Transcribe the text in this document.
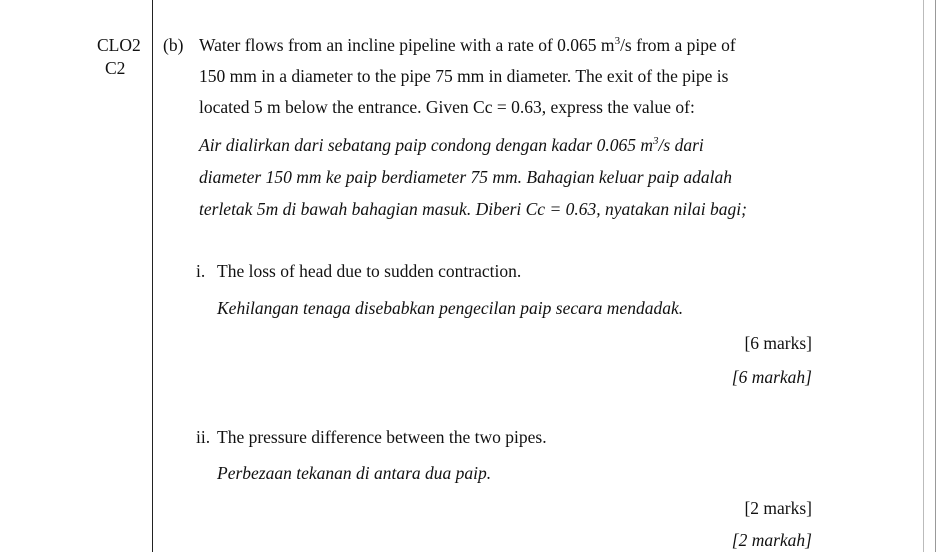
CLO2
C2
(b) Water flows from an incline pipeline with a rate of 0.065 $m^3/s$ from a pipe of
150 mm in a diameter to the pipe 75 mm in diameter. The exit of the pipe is
located 5 m below the entrance. Given Cc = 0.63, express the value of:
Air dialirkan dari sebatang paip condong dengan kadar 0.065 $m^3/s$ dari
diameter 150 mm ke paip berdiameter 75 mm. Bahagian keluar paip adalah
terletak 5m di bawah bahagian masuk. Diberi Cc = 0.63, nyatakan nilai bagi;
i. The loss of head due to sudden contraction.
Kehilangan tenaga disebabkan pengecilan paip secara mendadak.
[6 marks]
[6 markah]
ii. The pressure difference between the two pipes.
Perbezaan tekanan di antara dua paip.
[2 marks]
[2 markah]
